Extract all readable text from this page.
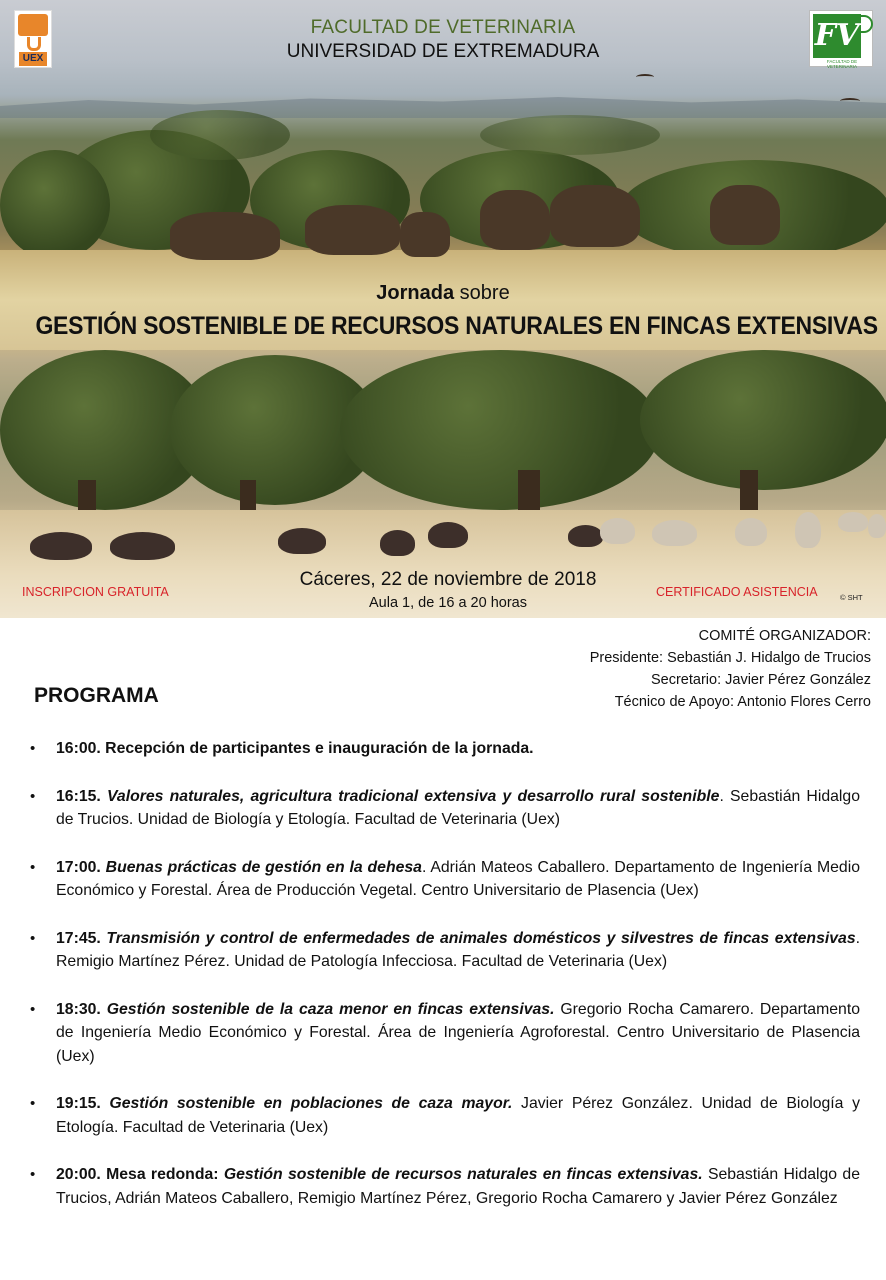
UEX
FV
FACULTAD DE VETERINARIA
FACULTAD DE VETERINARIA
UNIVERSIDAD DE EXTREMADURA
Jornada sobre
GESTIÓN SOSTENIBLE DE RECURSOS NATURALES EN FINCAS EXTENSIVAS
INSCRIPCION GRATUITA
Cáceres, 22 de noviembre de 2018
Aula 1, de 16 a 20 horas
CERTIFICADO ASISTENCIA	© SHT
COMITÉ ORGANIZADOR:
Presidente: Sebastián J. Hidalgo de Trucios
Secretario: Javier Pérez González
Técnico de Apoyo: Antonio Flores Cerro
PROGRAMA
• 16:00. Recepción de participantes e inauguración de la jornada.
• 16:15. Valores naturales, agricultura tradicional extensiva y desarrollo rural sostenible. Sebastián Hidalgo de Trucios. Unidad de Biología y Etología. Facultad de Veterinaria (Uex)
• 17:00. Buenas prácticas de gestión en la dehesa. Adrián Mateos Caballero. Departamento de Ingeniería Medio Económico y Forestal. Área de Producción Vegetal. Centro Universitario de Plasencia (Uex)
• 17:45. Transmisión y control de enfermedades de animales domésticos y silvestres de fincas extensivas. Remigio Martínez Pérez. Unidad de Patología Infecciosa. Facultad de Veterinaria (Uex)
• 18:30. Gestión sostenible de la caza menor en fincas extensivas. Gregorio Rocha Camarero. Departamento de Ingeniería Medio Económico y Forestal. Área de Ingeniería Agroforestal. Centro Universitario de Plasencia (Uex)
• 19:15. Gestión sostenible en poblaciones de caza mayor. Javier Pérez González. Unidad de Biología y Etología. Facultad de Veterinaria (Uex)
• 20:00. Mesa redonda: Gestión sostenible de recursos naturales en fincas extensivas. Sebastián Hidalgo de Trucios, Adrián Mateos Caballero, Remigio Martínez Pérez, Gregorio Rocha Camarero y Javier Pérez González
